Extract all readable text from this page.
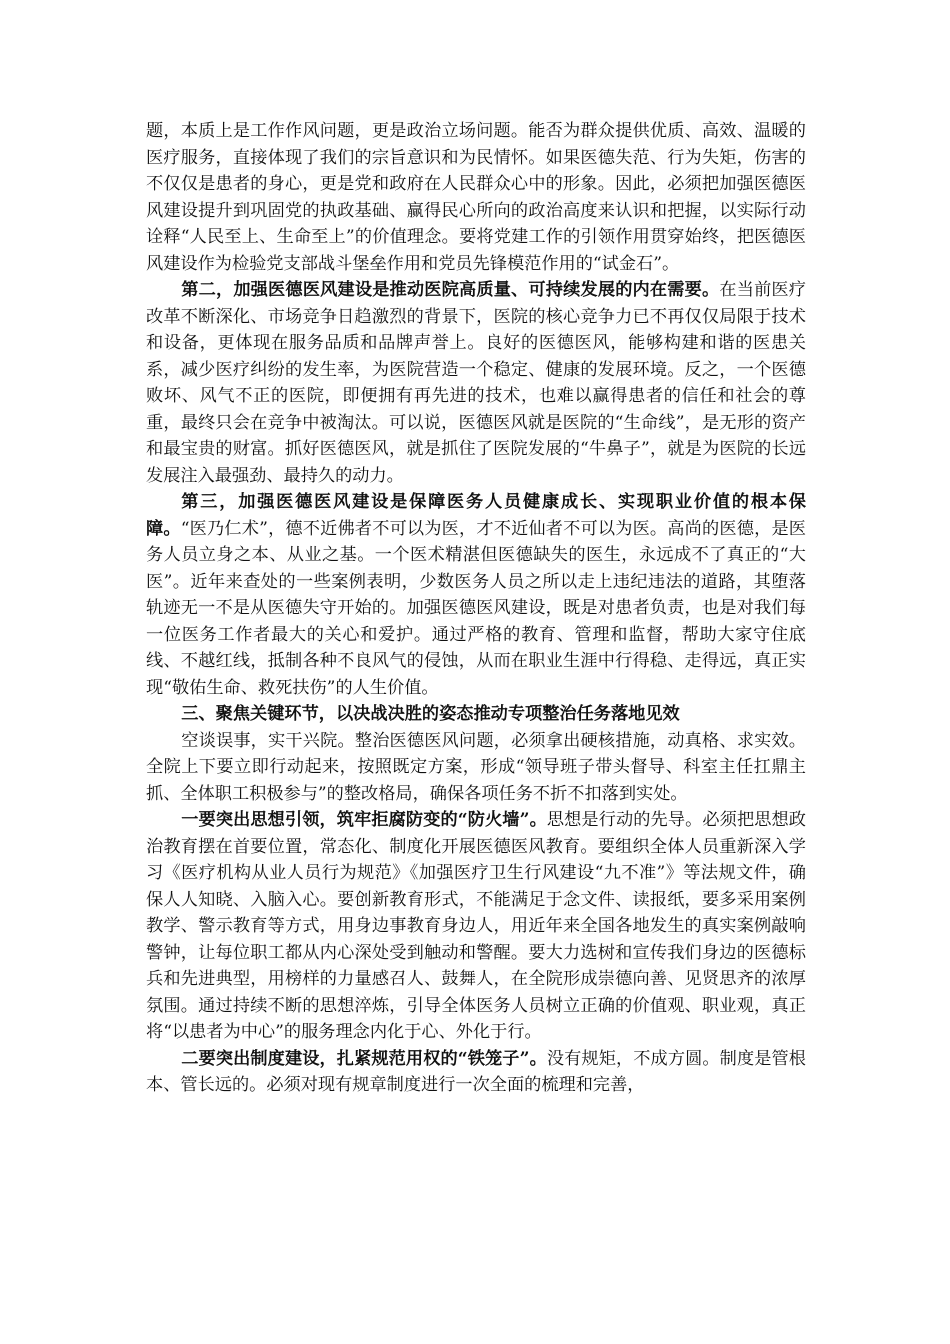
题，本质上是工作作风问题，更是政治立场问题。能否为群众提供优质、高效、温暖的医疗服务，直接体现了我们的宗旨意识和为民情怀。如果医德失范、行为失矩，伤害的不仅仅是患者的身心，更是党和政府在人民群众心中的形象。因此，必须把加强医德医风建设提升到巩固党的执政基础、赢得民心所向的政治高度来认识和把握，以实际行动诠释“人民至上、生命至上”的价值理念。要将党建工作的引领作用贯穿始终，把医德医风建设作为检验党支部战斗堡垒作用和党员先锋模范作用的“试金石”。

第二，加强医德医风建设是推动医院高质量、可持续发展的内在需要。在当前医疗改革不断深化、市场竞争日趋激烈的背景下，医院的核心竞争力已不再仅仅局限于技术和设备，更体现在服务品质和品牌声誉上。良好的医德医风，能够构建和谐的医患关系，减少医疗纠纷的发生率，为医院营造一个稳定、健康的发展环境。反之，一个医德败坏、风气不正的医院，即便拥有再先进的技术，也难以赢得患者的信任和社会的尊重，最终只会在竞争中被淘汰。可以说，医德医风就是医院的“生命线”，是无形的资产和最宝贵的财富。抓好医德医风，就是抓住了医院发展的“牛鼻子”，就是为医院的长远发展注入最强劲、最持久的动力。

第三，加强医德医风建设是保障医务人员健康成长、实现职业价值的根本保障。“医乃仁术”，德不近佛者不可以为医，才不近仙者不可以为医。高尚的医德，是医务人员立身之本、从业之基。一个医术精湛但医德缺失的医生，永远成不了真正的“大医”。近年来查处的一些案例表明，少数医务人员之所以走上违纪违法的道路，其堕落轨迹无一不是从医德失守开始的。加强医德医风建设，既是对患者负责，也是对我们每一位医务工作者最大的关心和爱护。通过严格的教育、管理和监督，帮助大家守住底线、不越红线，抵制各种不良风气的侵蚀，从而在职业生涯中行得稳、走得远，真正实现“敬佑生命、救死扶伤”的人生价值。

三、聚焦关键环节，以决战决胜的姿态推动专项整治任务落地见效

空谈误事，实干兴院。整治医德医风问题，必须拿出硬核措施，动真格、求实效。全院上下要立即行动起来，按照既定方案，形成“领导班子带头督导、科室主任扛鼎主抓、全体职工积极参与”的整改格局，确保各项任务不折不扣落到实处。

一要突出思想引领，筑牢拒腐防变的“防火墙”。思想是行动的先导。必须把思想政治教育摆在首要位置，常态化、制度化开展医德医风教育。要组织全体人员重新深入学习《医疗机构从业人员行为规范》《加强医疗卫生行风建设“九不准”》等法规文件，确保人人知晓、入脑入心。要创新教育形式，不能满足于念文件、读报纸，要多采用案例教学、警示教育等方式，用身边事教育身边人，用近年来全国各地发生的真实案例敲响警钟，让每位职工都从内心深处受到触动和警醒。要大力选树和宣传我们身边的医德标兵和先进典型，用榜样的力量感召人、鼓舞人，在全院形成崇德向善、见贤思齐的浓厚氛围。通过持续不断的思想淬炼，引导全体医务人员树立正确的价值观、职业观，真正将“以患者为中心”的服务理念内化于心、外化于行。

二要突出制度建设，扎紧规范用权的“铁笼子”。没有规矩，不成方圆。制度是管根本、管长远的。必须对现有规章制度进行一次全面的梳理和完善，
